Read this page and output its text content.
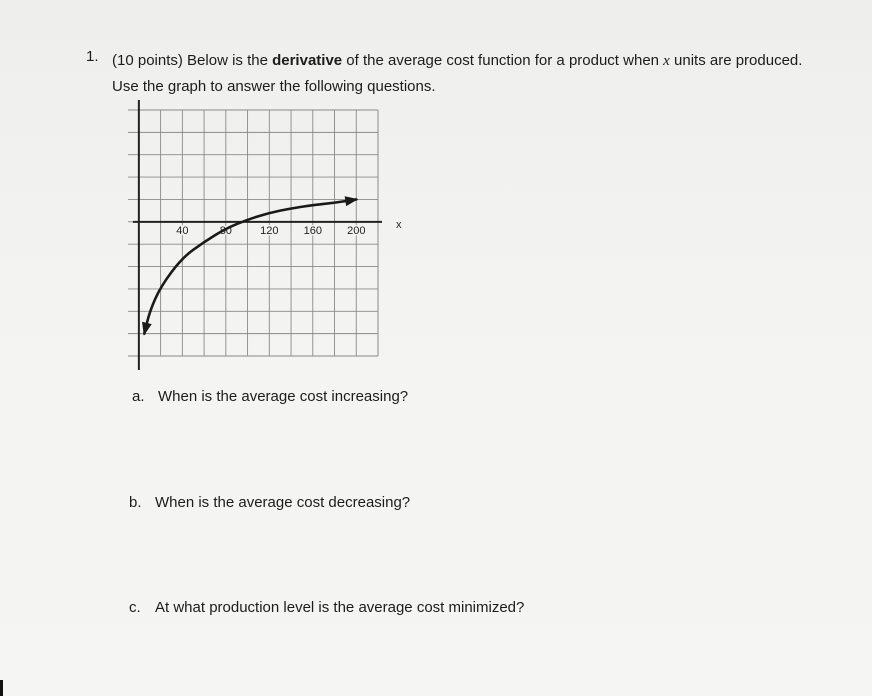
1. (10 points) Below is the derivative of the average cost function for a product when x units are produced. Use the graph to answer the following questions.
40	80	120 160 200	x
a. When is the average cost increasing?
b. When is the average cost decreasing?
c. At what production level is the average cost minimized?
